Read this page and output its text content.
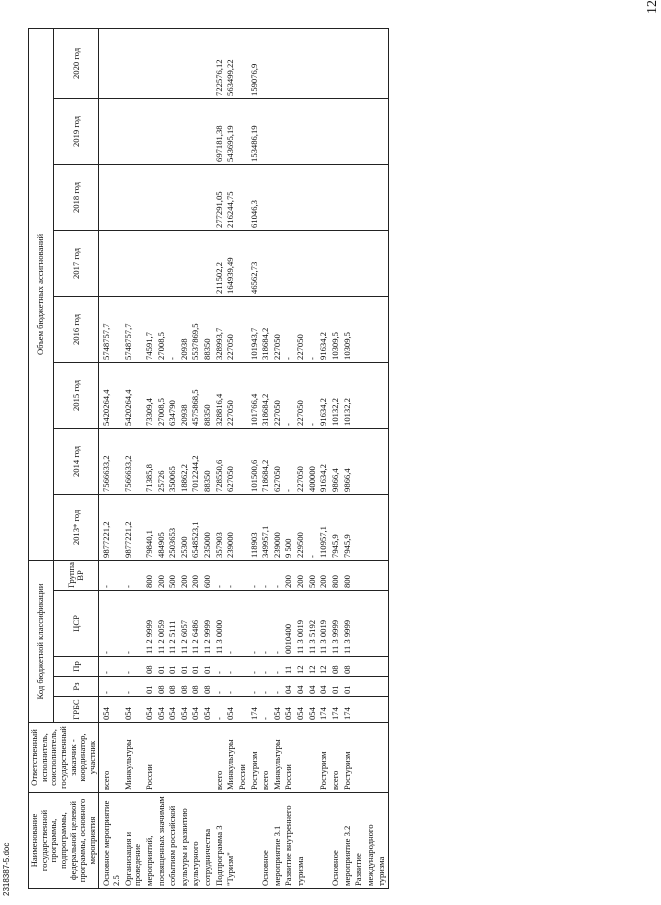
12
Наименование государственной программы, подпрограммы, федеральной целевой программы, основного мероприятия	Ответственный исполнитель, соисполнитель, государственный заказчик - координатор, участник	Код бюджетной классификации					Объем бюджетных ассигнований							
		ГРБС	Рз	Пр	ЦСР	Группа ВР	2013* год	2014 год	2015 год	2016 год	2017 год	2018 год	2019 год	2020 год
Основное мероприятие 2.5	всего	054	-	-	-	-	9877221,2	7566633,2	5420264,4	5748757,7				
Организация и проведение	Минкультуры	054	-	-	-	-	9877221,2	7566633,2	5420264,4	5748757,7				
мероприятий,	России	054	01	08	11 2 9999	800	79840,1	71385,8	73309,4	74591,7				
посвященных значимым		054	08	01	11 2 0059	200	484905	25726	27008,5	27008,5				
событиям российской		054	08	01	11 2 5111	500	2503653	350065	634790	-				
культуры и развитию		054	08	01	11 2 6057	200	25300	18862,2	20938	20938				
культурного		054	08	01	11 2 6486	200	6548523,1	7012244,2	4575868,5	5537869,5				
сотрудничества		054	08	01	11 2 9999	600	235000	88350	88350	88350				
Подпрограмма 3	всего	-	-	-	11 3 0000	-	357903	728550,6	328816,4	328993,7	211502,2	277291,05	697181,38	722576,12
"Туризм"	Минкультуры	054	-	-	-	-	239000	627050	227050	227050	164939,49	216244,75	543695,19	563499,22
	России													
	Ростуризм	174	-	-	-	-	118903	101500,6	101766,4	101943,7	46562,73	61046,3	153486,19	159076,9
Основное	всего	-	-	-	-	-	349957,1	718684,2	318684,2	318684,2				
мероприятие 3.1	Минкультуры	054	-	-	-	-	239000	627050	227050	227050				
Развитие внутреннего	России	054	04	11	0010400	200	9 500	-	-	-				
туризма		054	04	12	11 3 0019	200	229500	227050	227050	227050				
		054	04	12	11 3 5192	500	-	400000	-	-				
	Ростуризм	174	04	12	11 3 0019	200	110957,1	91634,2	91634,2	91634,2				
Основное	всего	174	01	08	11 3 9999	800	7945,9	9866,4	10132,2	10309,5				
мероприятие 3.2	Ростуризм	174	01	08	11 3 9999	800	7945,9	9866,4	10132,2	10309,5				
Развитие														
международного														
туризма														
2318387-5.doc
